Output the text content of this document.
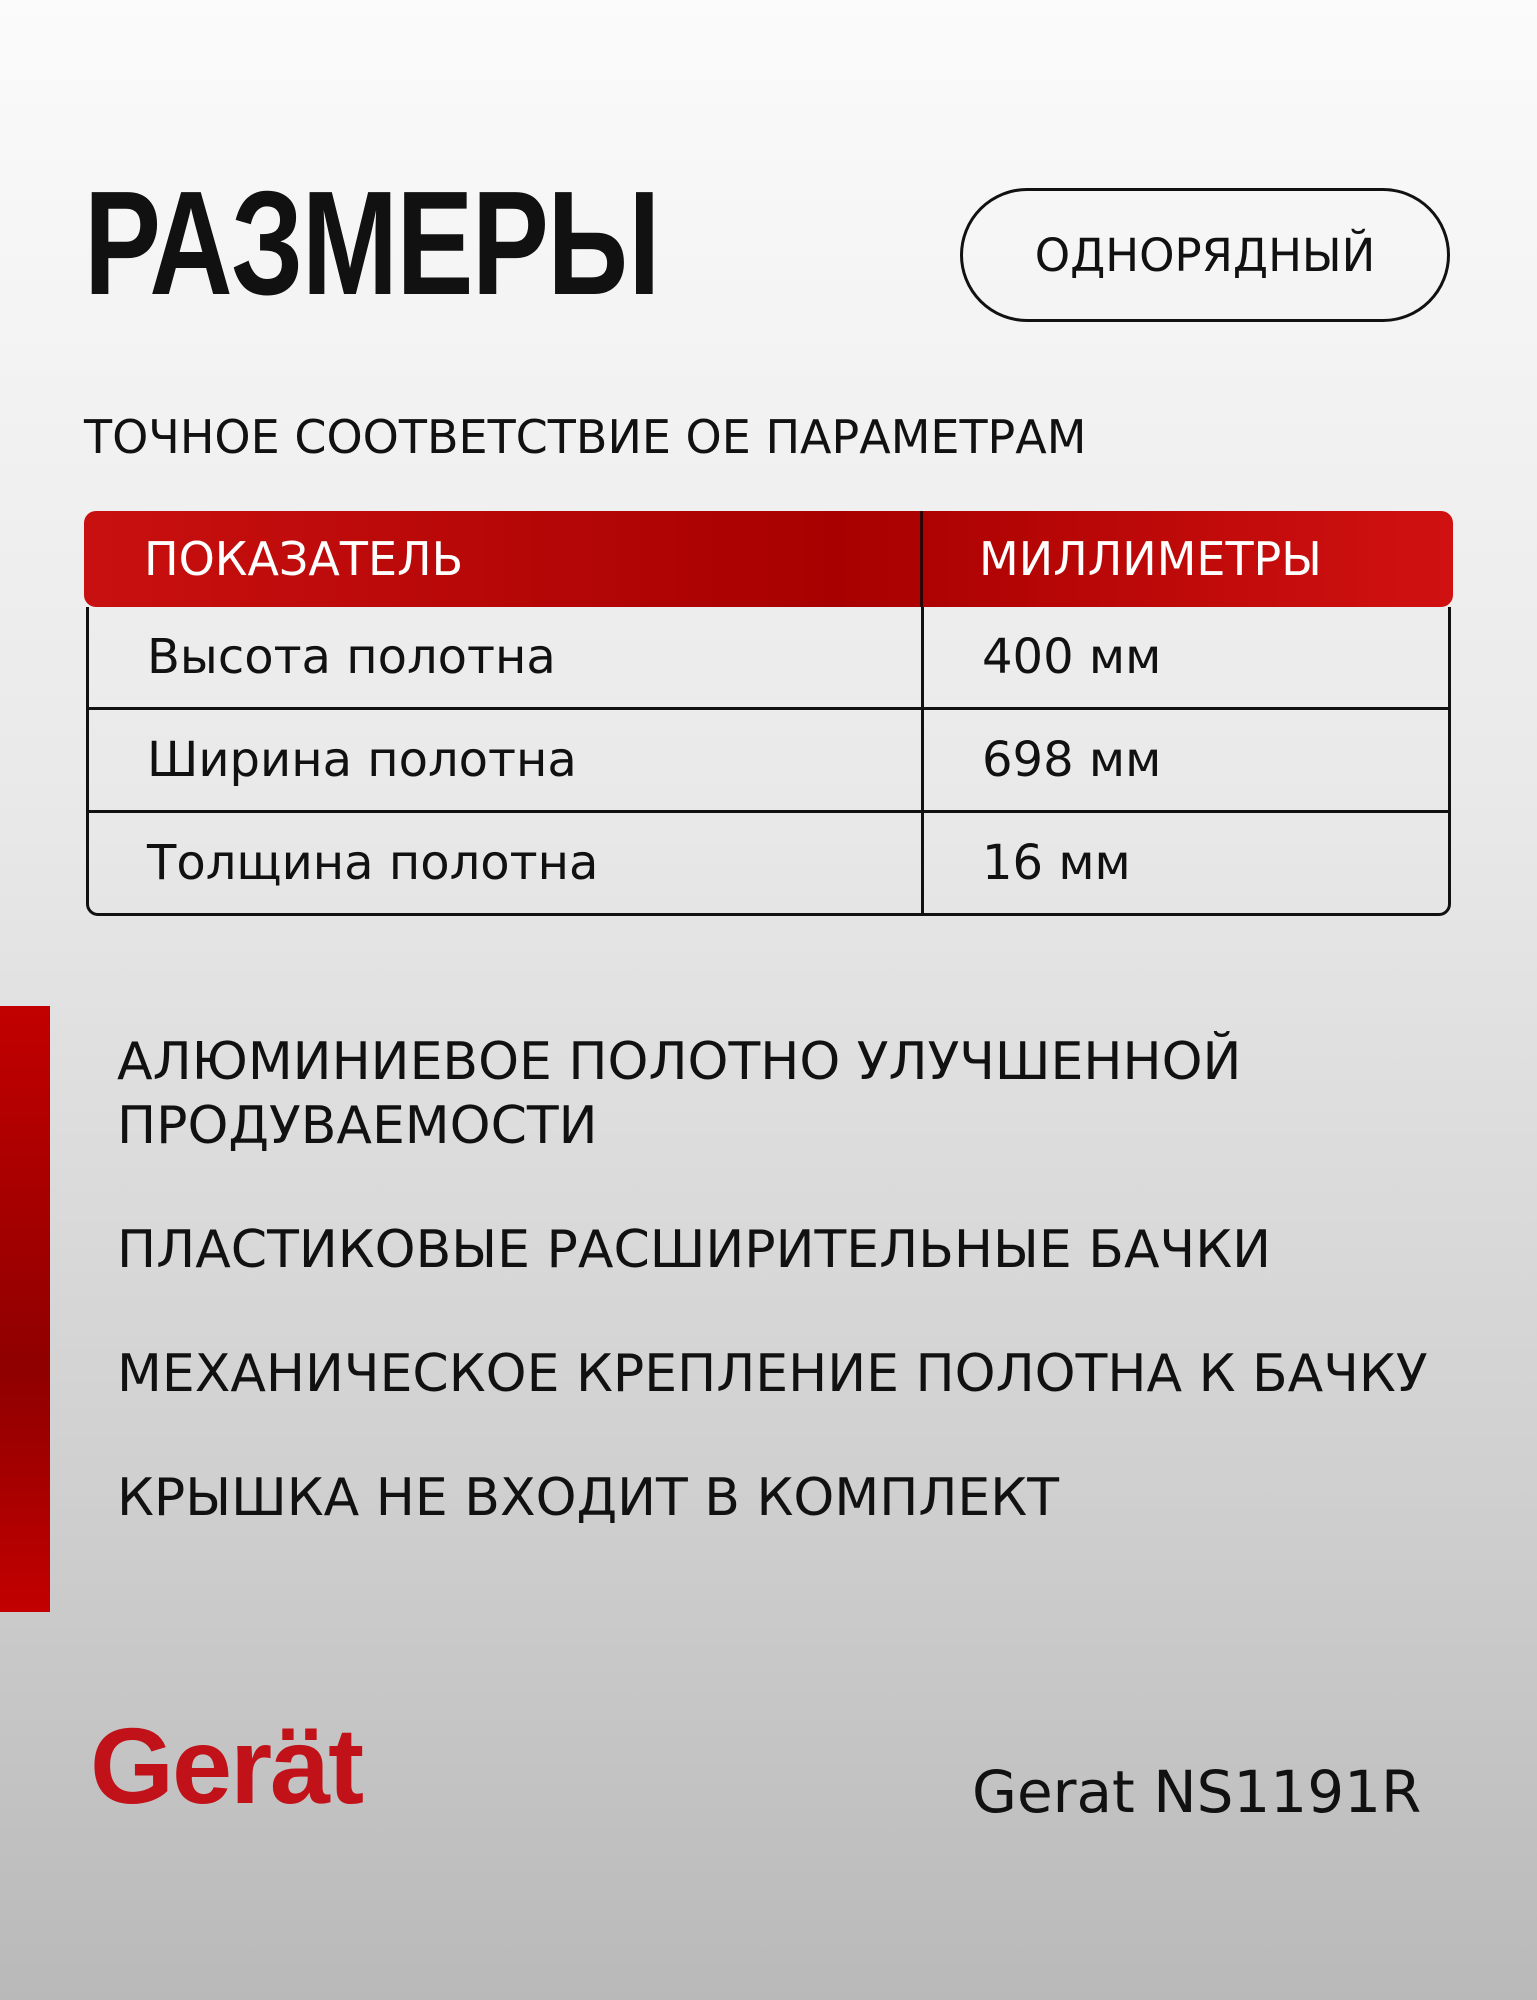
РАЗМЕРЫ	ОДНОРЯДНЫЙ
ТОЧНОЕ СООТВЕТСТВИЕ ОЕ ПАРАМЕТРАМ
ПОКАЗАТЕЛЬ	МИЛЛИМЕТРЫ
Высота полотна	400 мм
Ширина полотна	698 мм
Толщина полотна	16 мм
АЛЮМИНИЕВОЕ ПОЛОТНО УЛУЧШЕННОЙ ПРОДУВАЕМОСТИ
ПЛАСТИКОВЫЕ РАСШИРИТЕЛЬНЫЕ БАЧКИ
МЕХАНИЧЕСКОЕ КРЕПЛЕНИЕ ПОЛОТНА К БАЧКУ
КРЫШКА НЕ ВХОДИТ В КОМПЛЕКТ
Gerät	Gerat NS1191R
